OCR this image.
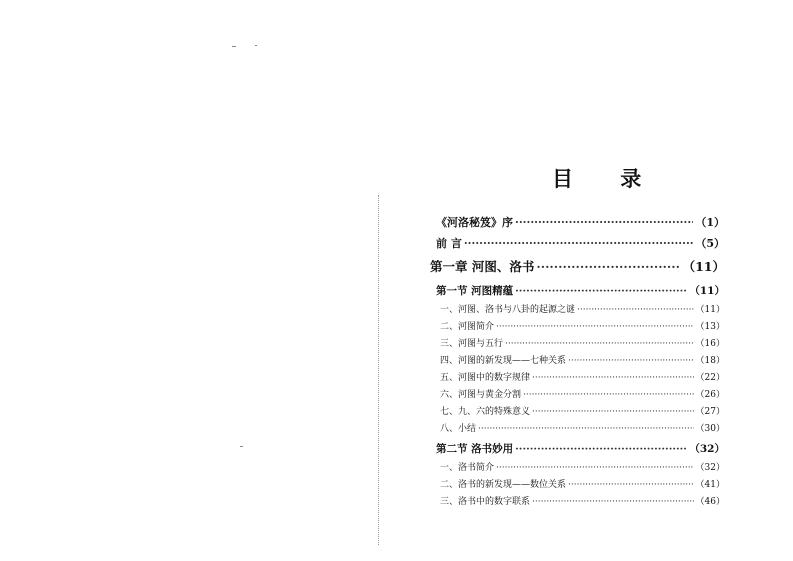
目 录
《河洛秘笈》序 ·····	（1）
前 言 ·····	（5）
第一章 河图、洛书 ·····	（11）
第一节 河图精蕴 ·····	（11）
一、河图、洛书与八卦的起源之谜 ·····	（11）
二、河图简介 ·····	（13）
三、河图与五行 ·····	（16）
四、河图的新发现——七种关系 ·····	（18）
五、河图中的数字规律 ·····	（22）
六、河图与黄金分割 ·····	（26）
七、九、六的特殊意义 ·····	（27）
八、小结 ·····	（30）
第二节 洛书妙用 ·····	（32）
一、洛书简介 ·····	（32）
二、洛书的新发现——数位关系 ·····	（41）
三、洛书中的数字联系 ·····	（46）
